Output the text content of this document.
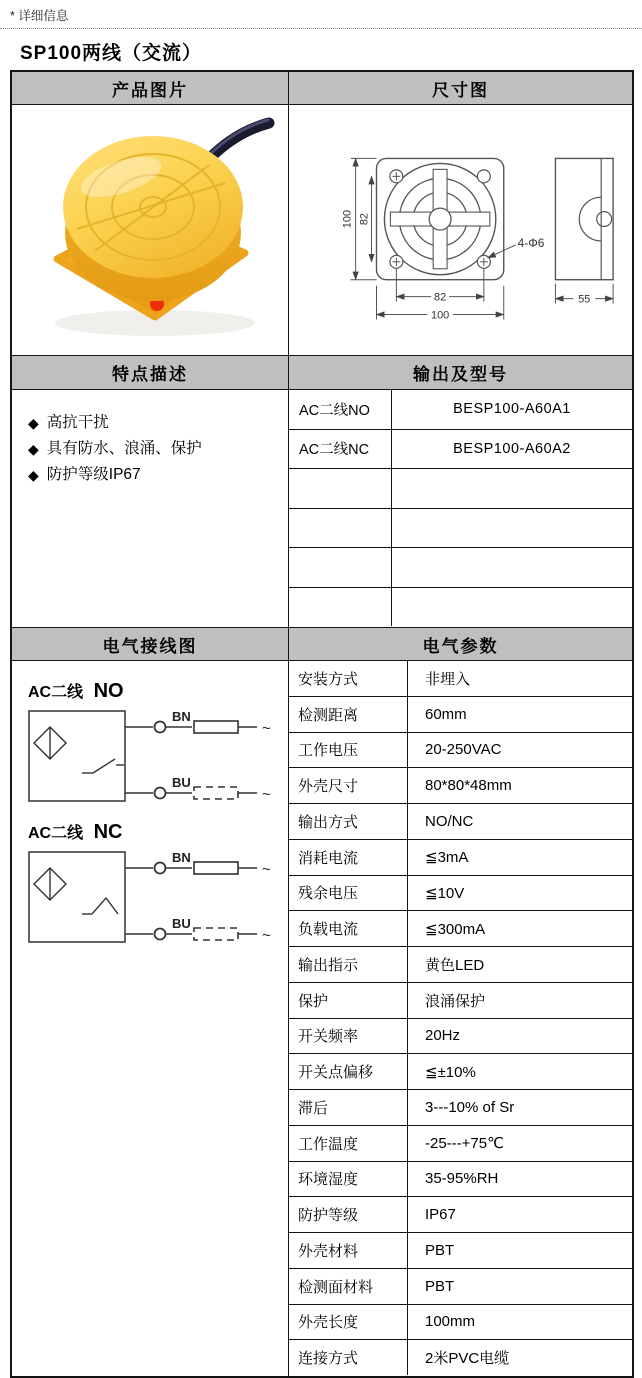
* 详细信息
SP100两线（交流）
产品图片	尺寸图
100 82
82
100
4-Φ6
55
特点描述	输出及型号
◆ 高抗干扰
◆ 具有防水、浪涌、保护
◆ 防护等级IP67
AC二线NO	BESP100-A60A1
AC二线NC	BESP100-A60A2
电气接线图	电气参数
AC二线 NO
BN
~
BU
~
AC二线 NC
BN
~
BU
~
安装方式	非埋入
检测距离	60mm
工作电压	20-250VAC
外壳尺寸	80*80*48mm
输出方式	NO/NC
消耗电流	≦3mA
残余电压	≦10V
负载电流	≦300mA
输出指示	黄色LED
保护	浪涌保护
开关频率	20Hz
开关点偏移	≦±10%
滞后	3---10% of Sr
工作温度	-25---+75℃
环境湿度	35-95%RH
防护等级	IP67
外壳材料	PBT
检测面材料	PBT
外壳长度	100mm
连接方式	2米PVC电缆
